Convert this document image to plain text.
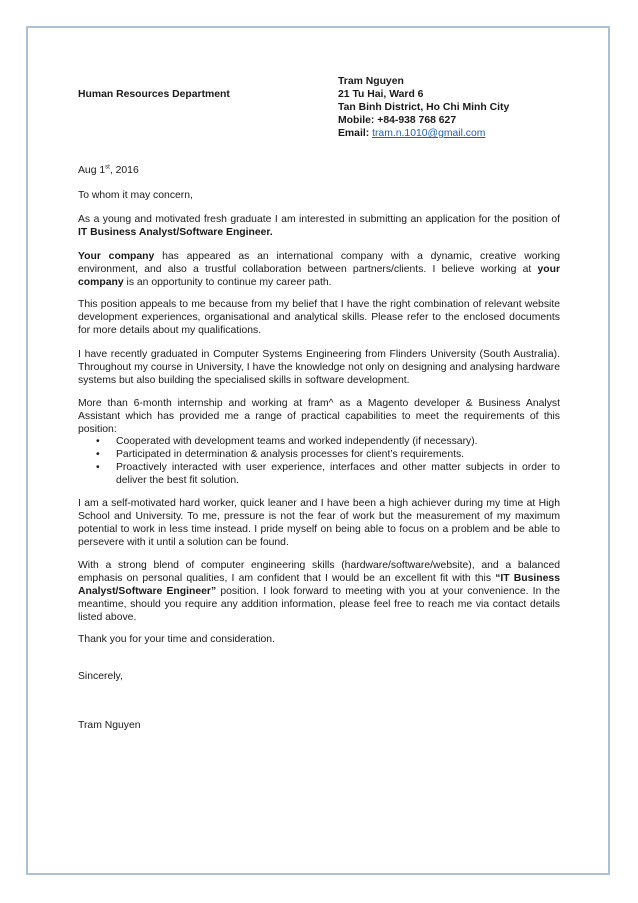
Human Resources Department
Tram Nguyen
21 Tu Hai, Ward 6
Tan Binh District, Ho Chi Minh City
Mobile: +84-938 768 627
Email: tram.n.1010@gmail.com
Aug 1st, 2016
To whom it may concern,
As a young and motivated fresh graduate I am interested in submitting an application for the position of IT Business Analyst/Software Engineer.
Your company has appeared as an international company with a dynamic, creative working environment, and also a trustful collaboration between partners/clients. I believe working at your company is an opportunity to continue my career path.
This position appeals to me because from my belief that I have the right combination of relevant website development experiences, organisational and analytical skills. Please refer to the enclosed documents for more details about my qualifications.
I have recently graduated in Computer Systems Engineering from Flinders University (South Australia). Throughout my course in University, I have the knowledge not only on designing and analysing hardware systems but also building the specialised skills in software development.
More than 6-month internship and working at fram^ as a Magento developer & Business Analyst Assistant which has provided me a range of practical capabilities to meet the requirements of this position:
• Cooperated with development teams and worked independently (if necessary).
• Participated in determination & analysis processes for client’s requirements.
• Proactively interacted with user experience, interfaces and other matter subjects in order to deliver the best fit solution.
I am a self-motivated hard worker, quick leaner and I have been a high achiever during my time at High School and University. To me, pressure is not the fear of work but the measurement of my maximum potential to work in less time instead. I pride myself on being able to focus on a problem and be able to persevere with it until a solution can be found.
With a strong blend of computer engineering skills (hardware/software/website), and a balanced emphasis on personal qualities, I am confident that I would be an excellent fit with this “IT Business Analyst/Software Engineer” position. I look forward to meeting with you at your convenience. In the meantime, should you require any addition information, please feel free to reach me via contact details listed above.
Thank you for your time and consideration.
Sincerely,
Tram Nguyen
